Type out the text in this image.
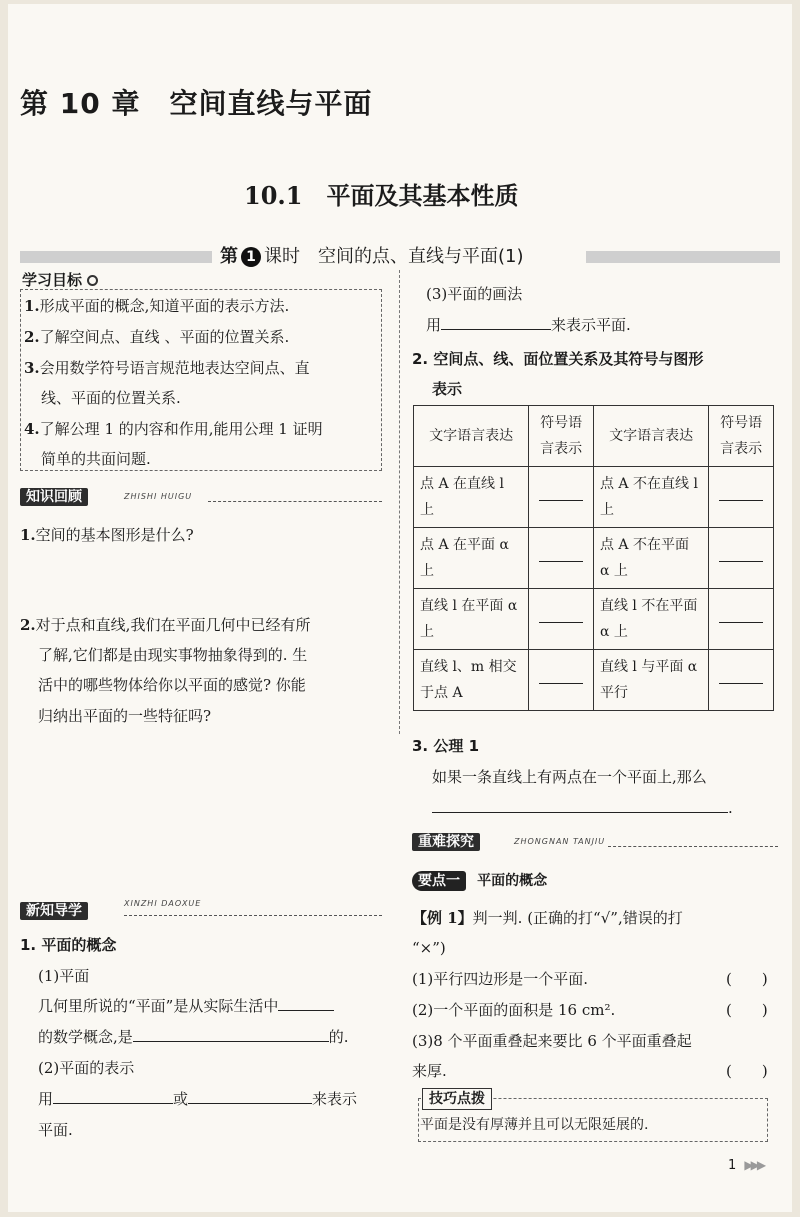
第 10 章　空间直线与平面
10.1　平面及其基本性质
第 1 课时　空间的点、直线与平面(1)
学习目标
1.形成平面的概念,知道平面的表示方法.
2.了解空间点、直线 、平面的位置关系.
3.会用数学符号语言规范地表达空间点、直
线、平面的位置关系.
4.了解公理 1 的内容和作用,能用公理 1 证明
简单的共面问题.
知识回顾	ZHISHI HUIGU
1.空间的基本图形是什么?
2.对于点和直线,我们在平面几何中已经有所
了解,它们都是由现实事物抽象得到的. 生
活中的哪些物体给你以平面的感觉? 你能
归纳出平面的一些特征吗?
新知导学	XINZHI DAOXUE
1. 平面的概念
(1)平面
几何里所说的“平面”是从实际生活中
的数学概念,是	的.
(2)平面的表示
用	或	来表示
平面.
(3)平面的画法
用	来表示平面.
2. 空间点、线、面位置关系及其符号与图形
表示
文字语言表达	符号语言表示	文字语言表达	符号语言表示
点 A 在直线 l 上		点 A 不在直线 l 上	
点 A 在平面 α 上		点 A 不在平面 α 上	
直线 l 在平面 α 上		直线 l 不在平面 α 上	
直线 l、m 相交于点 A		直线 l 与平面 α 平行	
3. 公理 1
如果一条直线上有两点在一个平面上,那么
.
重难探究	ZHONGNAN TANJIU
要点一 平面的概念
【例 1】判一判. (正确的打“√”,错误的打
“×”)
(1)平行四边形是一个平面.	(　　)
(2)一个平面的面积是 16 cm².	(　　)
(3)8 个平面重叠起来要比 6 个平面重叠起
来厚.	(　　)
技巧点拨
平面是没有厚薄并且可以无限延展的.
1 ▶▶▶
